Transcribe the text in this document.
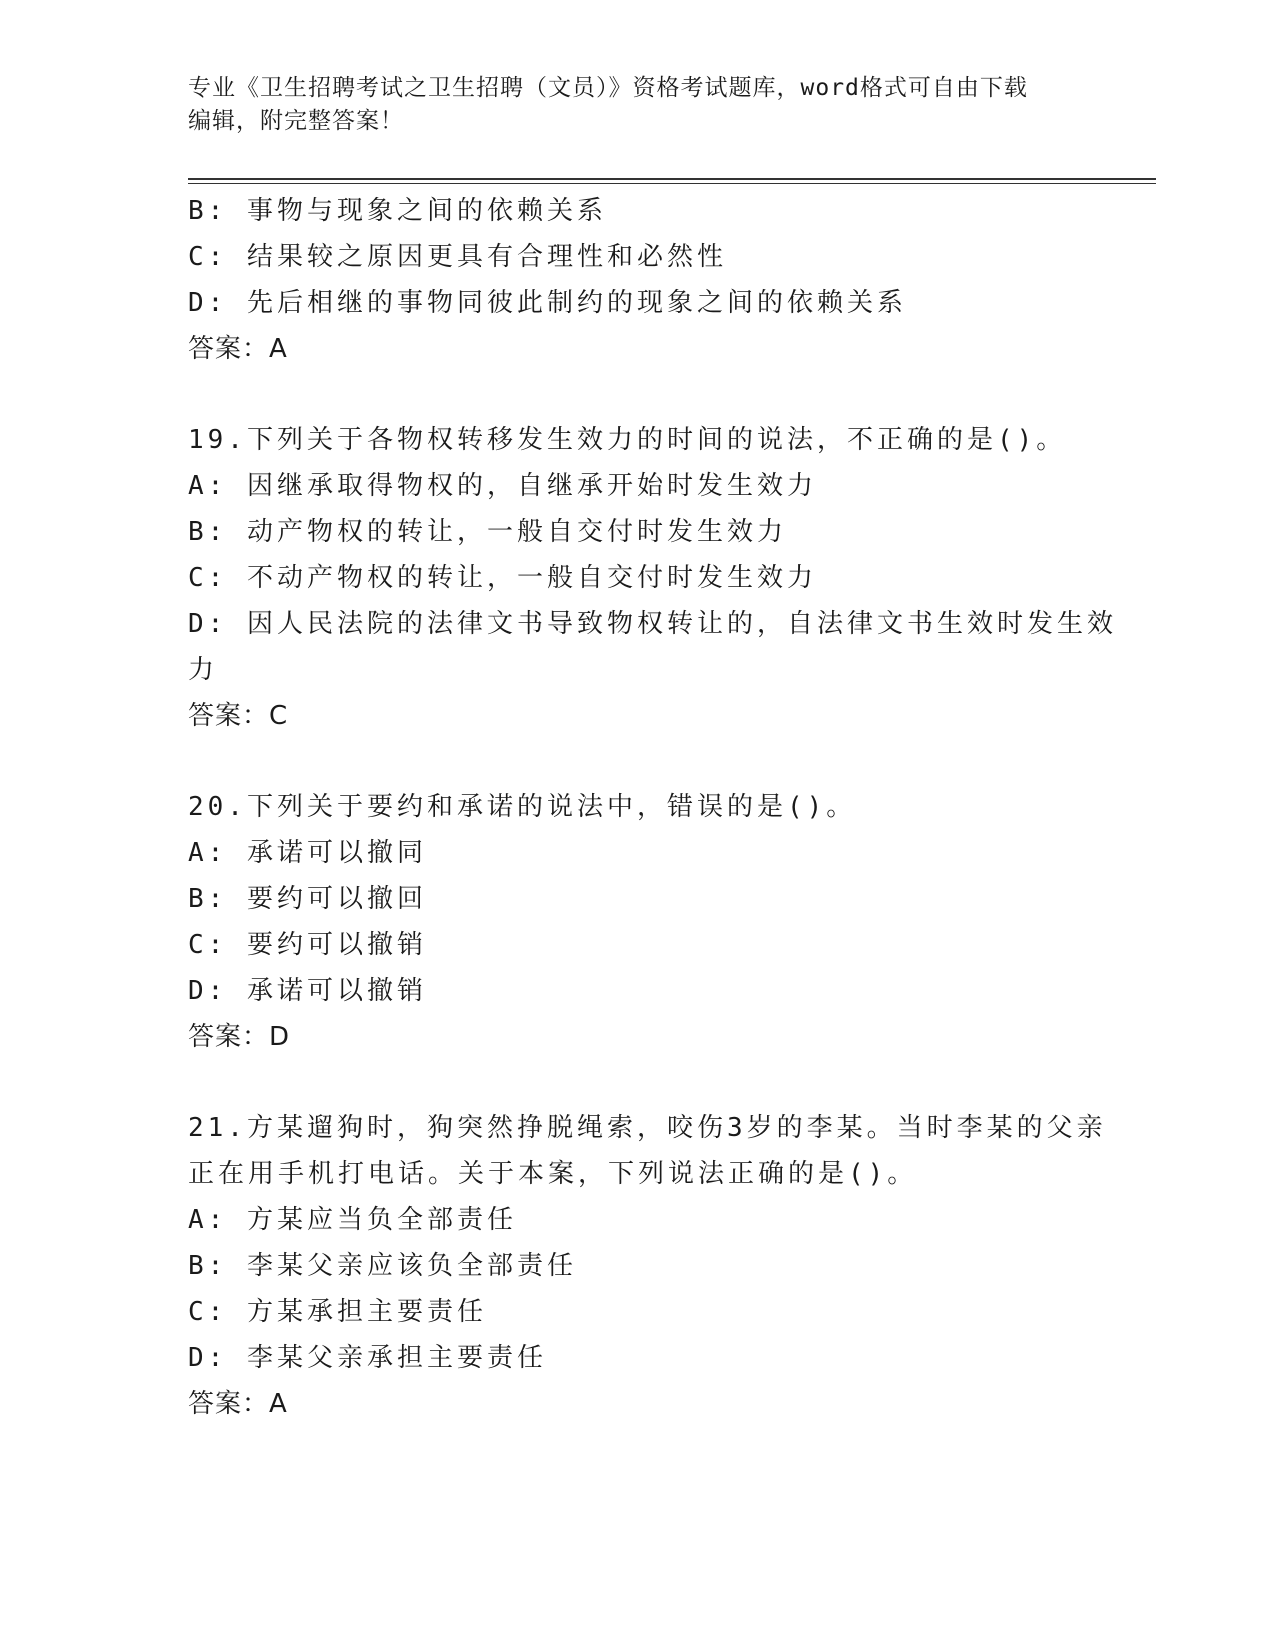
专业《卫生招聘考试之卫生招聘（文员）》资格考试题库，word格式可自由下载
编辑，附完整答案！
B: 事物与现象之间的依赖关系
C: 结果较之原因更具有合理性和必然性
D: 先后相继的事物同彼此制约的现象之间的依赖关系
答案：A
19.下列关于各物权转移发生效力的时间的说法，不正确的是()。
A: 因继承取得物权的，自继承开始时发生效力
B: 动产物权的转让，一般自交付时发生效力
C: 不动产物权的转让，一般自交付时发生效力
D: 因人民法院的法律文书导致物权转让的，自法律文书生效时发生效
力
答案：C
20.下列关于要约和承诺的说法中，错误的是()。
A: 承诺可以撤同
B: 要约可以撤回
C: 要约可以撤销
D: 承诺可以撤销
答案：D
21.方某遛狗时，狗突然挣脱绳索，咬伤3岁的李某。当时李某的父亲
正在用手机打电话。关于本案，下列说法正确的是()。
A: 方某应当负全部责任
B: 李某父亲应该负全部责任
C: 方某承担主要责任
D: 李某父亲承担主要责任
答案：A
